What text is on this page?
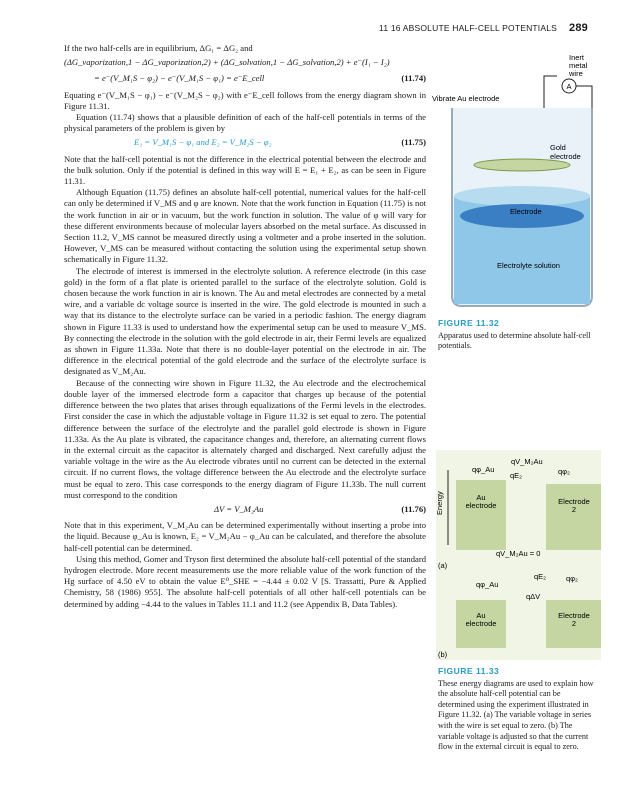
11 16 ABSOLUTE HALF-CELL POTENTIALS 289

If the two half-cells are in equilibrium, ΔG₁ = ΔG₂ and

(ΔG_vaporization,1 − ΔG_vaporization,2) + (ΔG_solvation,1 − ΔG_solvation,2) + e⁻(I₁ − I₂)
= e⁻(V_M₁S − φ₂) − e⁻(V_M₁S − φ₁) = e⁻E_cell	(11.74)

Equating e⁻(V_M₁S − φ₁) − e⁻(V_M₂S − φ₂) with e⁻E_cell follows from the energy diagram shown in Figure 11.31.

Equation (11.74) shows that a plausible definition of each of the half-cell potentials in terms of the physical parameters of the problem is given by

E₁ = V_M₁S − φ₁ and E₂ = V_M₂S − φ₂	(11.75)

Note that the half-cell potential is not the difference in the electrical potential between the electrode and the bulk solution. Only if the potential is defined in this way will E = E₁ + E₂, as can be seen in Figure 11.31.

Although Equation (11.75) defines an absolute half-cell potential, numerical values for the half-cell can only be determined if V_MS and φ are known. Note that the work function in Equation (11.75) is not the work function in air or in vacuum, but the work function in solution. The value of φ will vary for these different environments because of molecular layers absorbed on the metal surface. As discussed in Section 11.2, V_MS cannot be measured directly using a voltmeter and a probe inserted in the solution. However, V_MS can be measured without contacting the solution using the experimental setup shown schematically in Figure 11.32.

The electrode of interest is immersed in the electrolyte solution. A reference electrode (in this case gold) in the form of a flat plate is oriented parallel to the surface of the electrolyte solution. Gold is chosen because the work function in air is known. The Au and metal electrodes are connected by a metal wire, and a variable dc voltage source is inserted in the wire. The gold electrode is mounted in such a way that its distance to the electrolyte surface can be varied in a periodic fashion. The energy diagram shown in Figure 11.33 is used to understand how the experimental setup can be used to measure V_MS. By connecting the electrode in the solution with the gold electrode in air, their Fermi levels are equalized as shown in Figure 11.33a. Note that there is no double-layer potential on the electrode in air. The difference in the electrical potential of the gold electrode and the surface of the electrolyte surface is designated as V_M₂Au.

Because of the connecting wire shown in Figure 11.32, the Au electrode and the electrochemical double layer of the immersed electrode form a capacitor that charges up because of the potential difference between the two plates that arises through equalizations of the Fermi levels in the electrodes. First consider the case in which the adjustable voltage in Figure 11.32 is set equal to zero. The potential difference between the surface of the electrolyte and the parallel gold electrode is shown in Figure 11.33a. As the Au plate is vibrated, the capacitance changes and, therefore, an alternating current flows in the external circuit as the capacitor is alternately charged and discharged. Next carefully adjust the variable voltage in the wire as the Au electrode vibrates until no current can be detected in the external circuit. If no current flows, the voltage difference between the Au electrode and the electrolyte surface must be equal to zero. This case corresponds to the energy diagram of Figure 11.33b. The null current must correspond to the condition

ΔV = V_M₂Au	(11.76)

Note that in this experiment, V_M₂Au can be determined experimentally without inserting a probe into the liquid. Because φ_Au is known, E₂ = V_M₂Au − φ_Au can be calculated, and therefore the absolute half-cell potential can be determined.

Using this method, Gomer and Tryson first determined the absolute half-cell potential of the standard hydrogen electrode. More recent measurements use the more reliable value of the work function of the Hg surface of 4.50 eV to obtain the value E⁰_SHE = −4.44 ± 0.02 V [S. Trassatti, Pure & Applied Chemistry, 58 (1986) 955]. The absolute half-cell potentials of all other half-cell potentials can be determined by adding −4.44 to the values in Tables 11.1 and 11.2 (see Appendix B, Data Tables).

A
Inert metal wire
Vibrate Au electrode
Gold electrode
Electrode
Electrolyte solution
FIGURE 11.32
Apparatus used to determine absolute half-cell potentials.
Energy	Au electrode	Electrode 2
qφ_Au
qV_M₂Au
qE₂	qφ₂
(a)
Au electrode
Electrode 2
qV_M₂Au = 0
qφ_Au
qE₂	qφ₂
qΔV
(b)
FIGURE 11.33
These energy diagrams are used to explain how the absolute half-cell potential can be determined using the experiment illustrated in Figure 11.32. (a) The variable voltage in series with the wire is set equal to zero. (b) The variable voltage is adjusted so that the current flow in the external circuit is equal to zero.
